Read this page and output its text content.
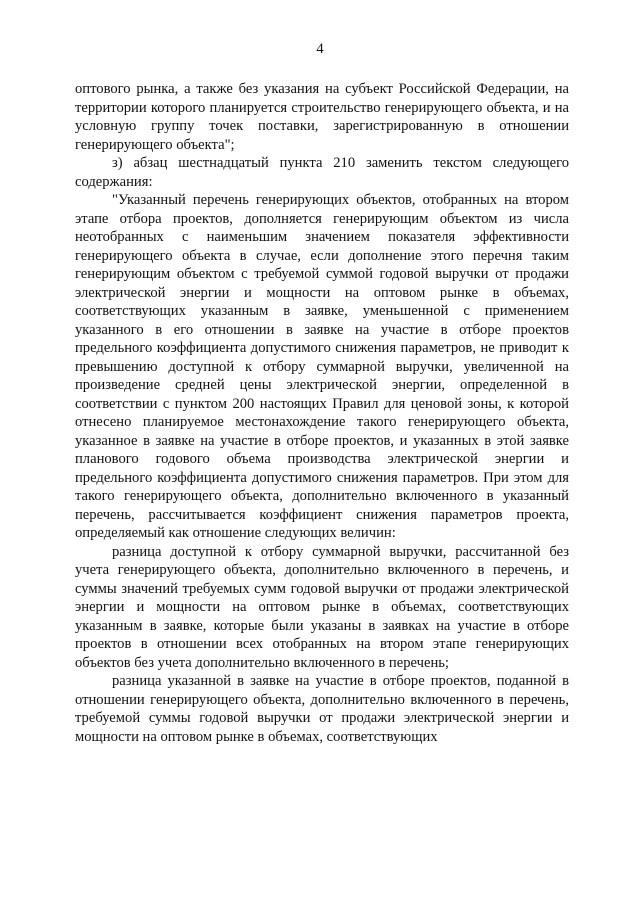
4

оптового рынка, а также без указания на субъект Российской Федерации, на территории которого планируется строительство генерирующего объекта, и на условную группу точек поставки, зарегистрированную в отношении генерирующего объекта";

з) абзац шестнадцатый пункта 210 заменить текстом следующего содержания:

"Указанный перечень генерирующих объектов, отобранных на втором этапе отбора проектов, дополняется генерирующим объектом из числа неотобранных с наименьшим значением показателя эффективности генерирующего объекта в случае, если дополнение этого перечня таким генерирующим объектом с требуемой суммой годовой выручки от продажи электрической энергии и мощности на оптовом рынке в объемах, соответствующих указанным в заявке, уменьшенной с применением указанного в его отношении в заявке на участие в отборе проектов предельного коэффициента допустимого снижения параметров, не приводит к превышению доступной к отбору суммарной выручки, увеличенной на произведение средней цены электрической энергии, определенной в соответствии с пунктом 200 настоящих Правил для ценовой зоны, к которой отнесено планируемое местонахождение такого генерирующего объекта, указанное в заявке на участие в отборе проектов, и указанных в этой заявке планового годового объема производства электрической энергии и предельного коэффициента допустимого снижения параметров. При этом для такого генерирующего объекта, дополнительно включенного в указанный перечень, рассчитывается коэффициент снижения параметров проекта, определяемый как отношение следующих величин:

разница доступной к отбору суммарной выручки, рассчитанной без учета генерирующего объекта, дополнительно включенного в перечень, и суммы значений требуемых сумм годовой выручки от продажи электрической энергии и мощности на оптовом рынке в объемах, соответствующих указанным в заявке, которые были указаны в заявках на участие в отборе проектов в отношении всех отобранных на втором этапе генерирующих объектов без учета дополнительно включенного в перечень;

разница указанной в заявке на участие в отборе проектов, поданной в отношении генерирующего объекта, дополнительно включенного в перечень, требуемой суммы годовой выручки от продажи электрической энергии и мощности на оптовом рынке в объемах, соответствующих
